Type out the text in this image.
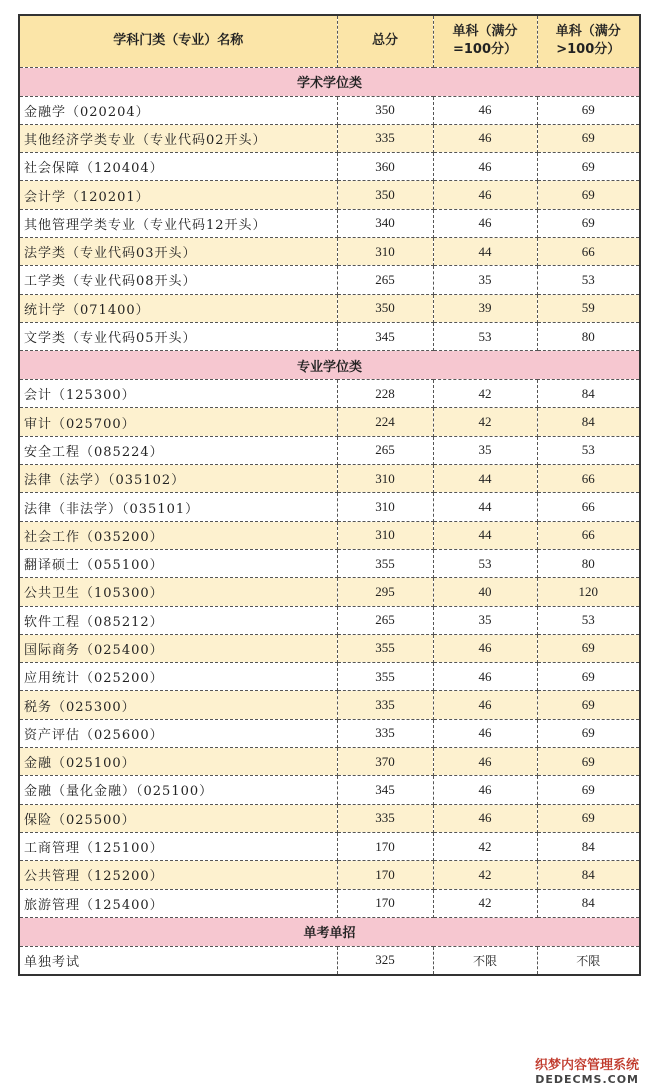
学科门类（专业）名称	总分	单科（满分=100分）	单科（满分>100分）
学术学位类			
金融学（020204）	350	46	69
其他经济学类专业（专业代码02开头）	335	46	69
社会保障（120404）	360	46	69
会计学（120201）	350	46	69
其他管理学类专业（专业代码12开头）	340	46	69
法学类（专业代码03开头）	310	44	66
工学类（专业代码08开头）	265	35	53
统计学（071400）	350	39	59
文学类（专业代码05开头）	345	53	80
专业学位类			
会计（125300）	228	42	84
审计（025700）	224	42	84
安全工程（085224）	265	35	53
法律（法学）（035102）	310	44	66
法律（非法学）（035101）	310	44	66
社会工作（035200）	310	44	66
翻译硕士（055100）	355	53	80
公共卫生（105300）	295	40	120
软件工程（085212）	265	35	53
国际商务（025400）	355	46	69
应用统计（025200）	355	46	69
税务（025300）	335	46	69
资产评估（025600）	335	46	69
金融（025100）	370	46	69
金融（量化金融）（025100）	345	46	69
保险（025500）	335	46	69
工商管理（125100）	170	42	84
公共管理（125200）	170	42	84
旅游管理（125400）	170	42	84
单考单招			
单独考试	325	不限	不限
织梦内容管理系统
DEDECMS.COM
